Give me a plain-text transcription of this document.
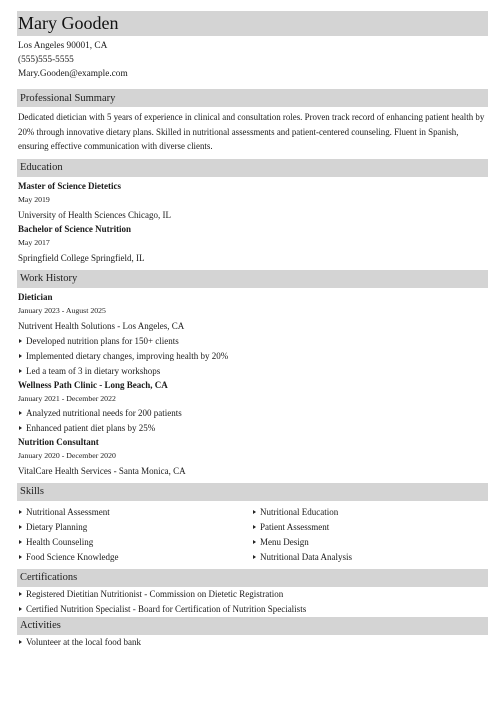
Mary Gooden
Los Angeles 90001, CA
(555)555-5555
Mary.Gooden@example.com
Professional Summary
Dedicated dietician with 5 years of experience in clinical and consultation roles. Proven track record of enhancing patient health by 20% through innovative dietary plans. Skilled in nutritional assessments and patient-centered counseling. Fluent in Spanish, ensuring effective communication with diverse clients.
Education
Master of Science Dietetics
May 2019
University of Health Sciences Chicago, IL
Bachelor of Science Nutrition
May 2017
Springfield College Springfield, IL
Work History
Dietician
January 2023 - August 2025
Nutrivent Health Solutions - Los Angeles, CA
Developed nutrition plans for 150+ clients
Implemented dietary changes, improving health by 20%
Led a team of 3 in dietary workshops
Wellness Path Clinic - Long Beach, CA
January 2021 - December 2022
Analyzed nutritional needs for 200 patients
Enhanced patient diet plans by 25%
Nutrition Consultant
January 2020 - December 2020
VitalCare Health Services - Santa Monica, CA
Skills
Nutritional Assessment
Dietary Planning
Health Counseling
Food Science Knowledge
Nutritional Education
Patient Assessment
Menu Design
Nutritional Data Analysis
Certifications
Registered Dietitian Nutritionist - Commission on Dietetic Registration
Certified Nutrition Specialist - Board for Certification of Nutrition Specialists
Activities
Volunteer at the local food bank
